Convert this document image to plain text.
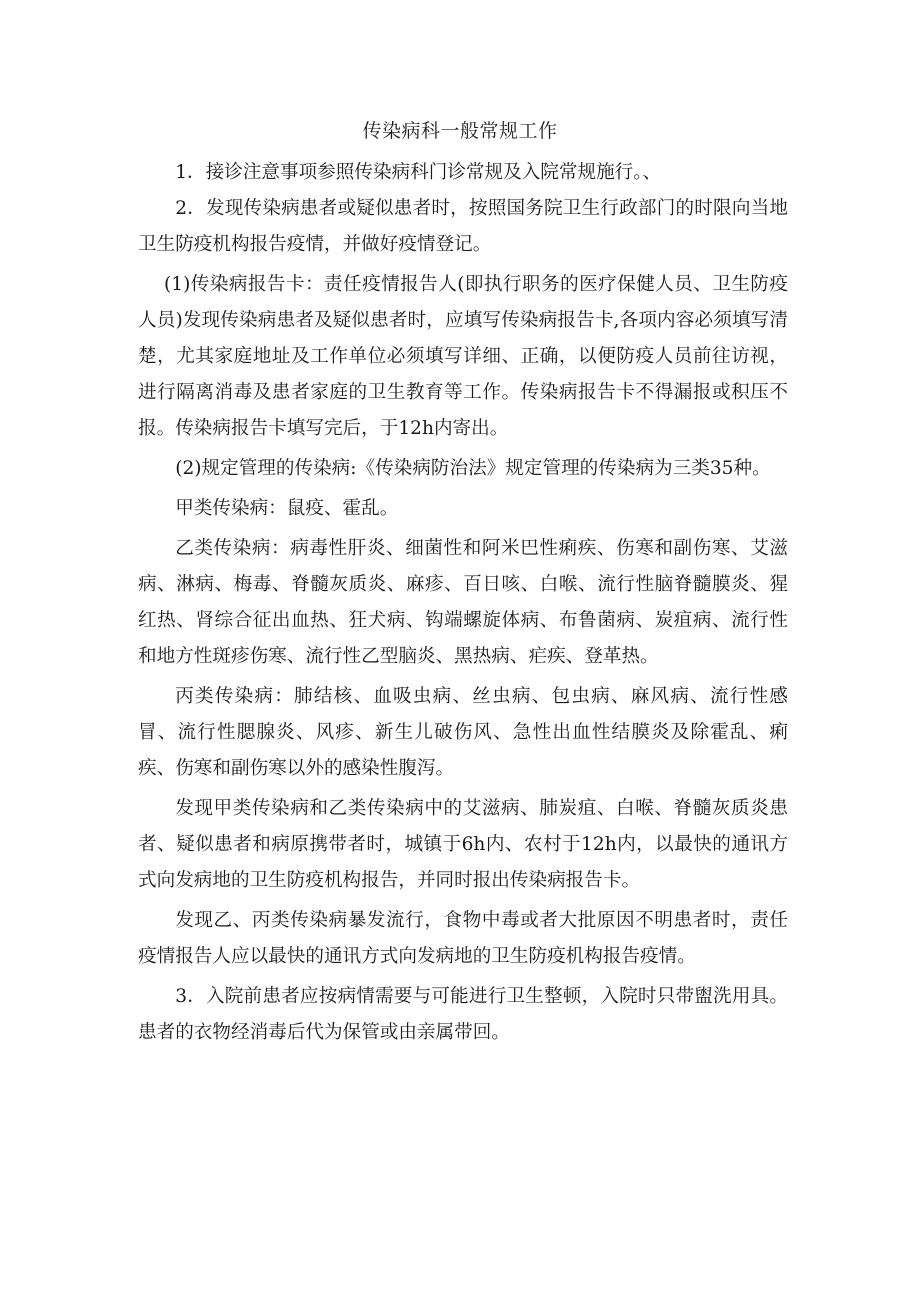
传染病科一般常规工作

1．接诊注意事项参照传染病科门诊常规及入院常规施行。、

2．发现传染病患者或疑似患者时，按照国务院卫生行政部门的时限向当地卫生防疫机构报告疫情，并做好疫情登记。

(1)传染病报告卡：责任疫情报告人(即执行职务的医疗保健人员、卫生防疫人员)发现传染病患者及疑似患者时，应填写传染病报告卡,各项内容必须填写清楚，尤其家庭地址及工作单位必须填写详细、正确，以便防疫人员前往访视，进行隔离消毒及患者家庭的卫生教育等工作。传染病报告卡不得漏报或积压不报。传染病报告卡填写完后，于12h内寄出。

(2)规定管理的传染病:《传染病防治法》规定管理的传染病为三类35种。

甲类传染病：鼠疫、霍乱。

乙类传染病：病毒性肝炎、细菌性和阿米巴性痢疾、伤寒和副伤寒、艾滋病、淋病、梅毒、脊髓灰质炎、麻疹、百日咳、白喉、流行性脑脊髓膜炎、猩红热、肾综合征出血热、狂犬病、钩端螺旋体病、布鲁菌病、炭疽病、流行性和地方性斑疹伤寒、流行性乙型脑炎、黑热病、疟疾、登革热。

丙类传染病：肺结核、血吸虫病、丝虫病、包虫病、麻风病、流行性感冒、流行性腮腺炎、风疹、新生儿破伤风、急性出血性结膜炎及除霍乱、痢疾、伤寒和副伤寒以外的感染性腹泻。

发现甲类传染病和乙类传染病中的艾滋病、肺炭疽、白喉、脊髓灰质炎患者、疑似患者和病原携带者时，城镇于6h内、农村于12h内，以最快的通讯方式向发病地的卫生防疫机构报告，并同时报出传染病报告卡。

发现乙、丙类传染病暴发流行，食物中毒或者大批原因不明患者时，责任疫情报告人应以最快的通讯方式向发病地的卫生防疫机构报告疫情。

3．入院前患者应按病情需要与可能进行卫生整顿，入院时只带盥洗用具。患者的衣物经消毒后代为保管或由亲属带回。
